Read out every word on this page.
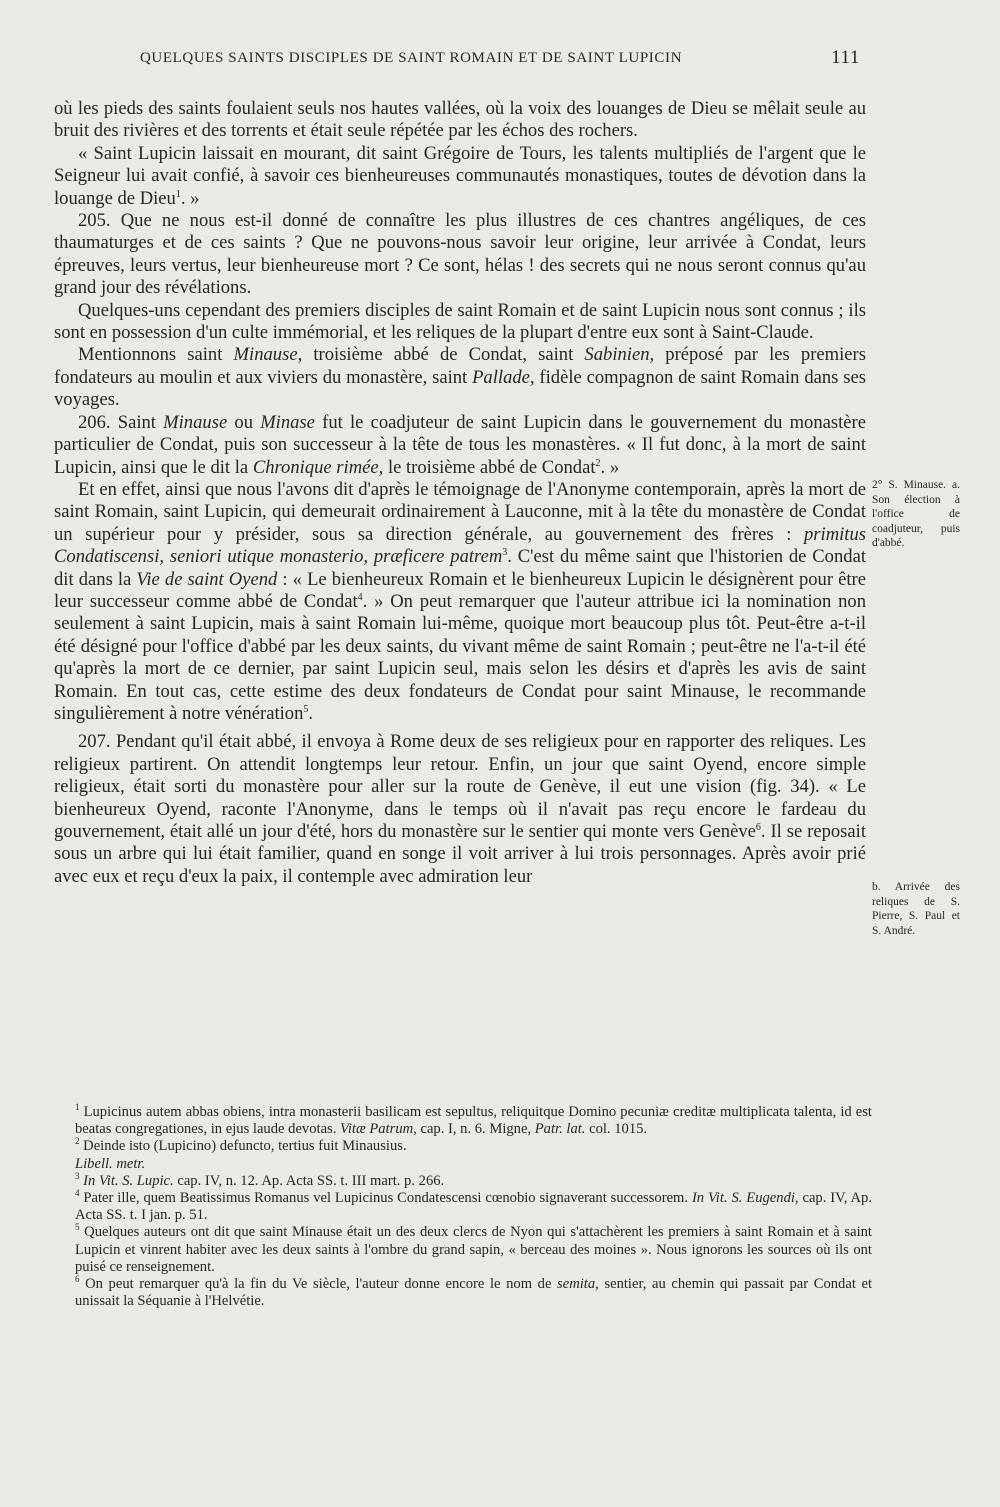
QUELQUES SAINTS DISCIPLES DE SAINT ROMAIN ET DE SAINT LUPICIN	111

où les pieds des saints foulaient seuls nos hautes vallées, où la voix des louanges de Dieu se mêlait seule au bruit des rivières et des torrents et était seule répétée par les échos des rochers.

« Saint Lupicin laissait en mourant, dit saint Grégoire de Tours, les talents multipliés de l'argent que le Seigneur lui avait confié, à savoir ces bienheureuses communautés monastiques, toutes de dévotion dans la louange de Dieu$^1$. »

205. Que ne nous est-il donné de connaître les plus illustres de ces chantres angéliques, de ces thaumaturges et de ces saints ? Que ne pouvons-nous savoir leur origine, leur arrivée à Condat, leurs épreuves, leurs vertus, leur bienheureuse mort ? Ce sont, hélas ! des secrets qui ne nous seront connus qu'au grand jour des révélations.

Quelques-uns cependant des premiers disciples de saint Romain et de saint Lupicin nous sont connus ; ils sont en possession d'un culte immémorial, et les reliques de la plupart d'entre eux sont à Saint-Claude.

Mentionnons saint Minause, troisième abbé de Condat, saint Sabinien, préposé par les premiers fondateurs au moulin et aux viviers du monastère, saint Pallade, fidèle compagnon de saint Romain dans ses voyages.

206. Saint Minause ou Minase fut le coadjuteur de saint Lupicin dans le gouvernement du monastère particulier de Condat, puis son successeur à la tête de tous les monastères. « Il fut donc, à la mort de saint Lupicin, ainsi que le dit la Chronique rimée, le troisième abbé de Condat$^2$. »

Et en effet, ainsi que nous l'avons dit d'après le témoignage de l'Anonyme contemporain, après la mort de saint Romain, saint Lupicin, qui demeurait ordinairement à Lauconne, mit à la tête du monastère de Condat un supérieur pour y présider, sous sa direction générale, au gouvernement des frères : primitus Condatiscensi, seniori utique monasterio, præficere patrem$^3$. C'est du même saint que l'historien de Condat dit dans la Vie de saint Oyend : « Le bienheureux Romain et le bienheureux Lupicin le désignèrent pour être leur successeur comme abbé de Condat$^4$. » On peut remarquer que l'auteur attribue ici la nomination non seulement à saint Lupicin, mais à saint Romain lui-même, quoique mort beaucoup plus tôt. Peut-être a-t-il été désigné pour l'office d'abbé par les deux saints, du vivant même de saint Romain ; peut-être ne l'a-t-il été qu'après la mort de ce dernier, par saint Lupicin seul, mais selon les désirs et d'après les avis de saint Romain. En tout cas, cette estime des deux fondateurs de Condat pour saint Minause, le recommande singulièrement à notre vénération$^5$.

207. Pendant qu'il était abbé, il envoya à Rome deux de ses religieux pour en rapporter des reliques. Les religieux partirent. On attendit longtemps leur retour. Enfin, un jour que saint Oyend, encore simple religieux, était sorti du monastère pour aller sur la route de Genève, il eut une vision (fig. 34). « Le bienheureux Oyend, raconte l'Anonyme, dans le temps où il n'avait pas reçu encore le fardeau du gouvernement, était allé un jour d'été, hors du monastère sur le sentier qui monte vers Genève$^6$. Il se reposait sous un arbre qui lui était familier, quand en songe il voit arriver à lui trois personnages. Après avoir prié avec eux et reçu d'eux la paix, il contemple avec admiration leur

2° S. Minause. a. Son élection à l'office de coadjuteur, puis d'abbé.
b. Arrivée des reliques de S. Pierre, S. Paul et S. André.

$^1$ Lupicinus autem abbas obiens, intra monasterii basilicam est sepultus, reliquitque Domino pecuniæ creditæ multiplicata talenta, id est beatas congregationes, in ejus laude devotas. Vitæ Patrum, cap. I, n. 6. Migne, Patr. lat. col. 1015.

$^2$ Deinde isto (Lupicino) defuncto, tertius fuit Minausius.

Libell. metr.

$^3$ In Vit. S. Lupic. cap. IV, n. 12. Ap. Acta SS. t. III mart. p. 266.

$^4$ Pater ille, quem Beatissimus Romanus vel Lupicinus Condatescensi cœnobio signaverant successorem. In Vit. S. Eugendi, cap. IV, Ap. Acta SS. t. I jan. p. 51.

$^5$ Quelques auteurs ont dit que saint Minause était un des deux clercs de Nyon qui s'attachèrent les premiers à saint Romain et à saint Lupicin et vinrent habiter avec les deux saints à l'ombre du grand sapin, « berceau des moines ». Nous ignorons les sources où ils ont puisé ce renseignement.

$^6$ On peut remarquer qu'à la fin du Ve siècle, l'auteur donne encore le nom de semita, sentier, au chemin qui passait par Condat et unissait la Séquanie à l'Helvétie.
